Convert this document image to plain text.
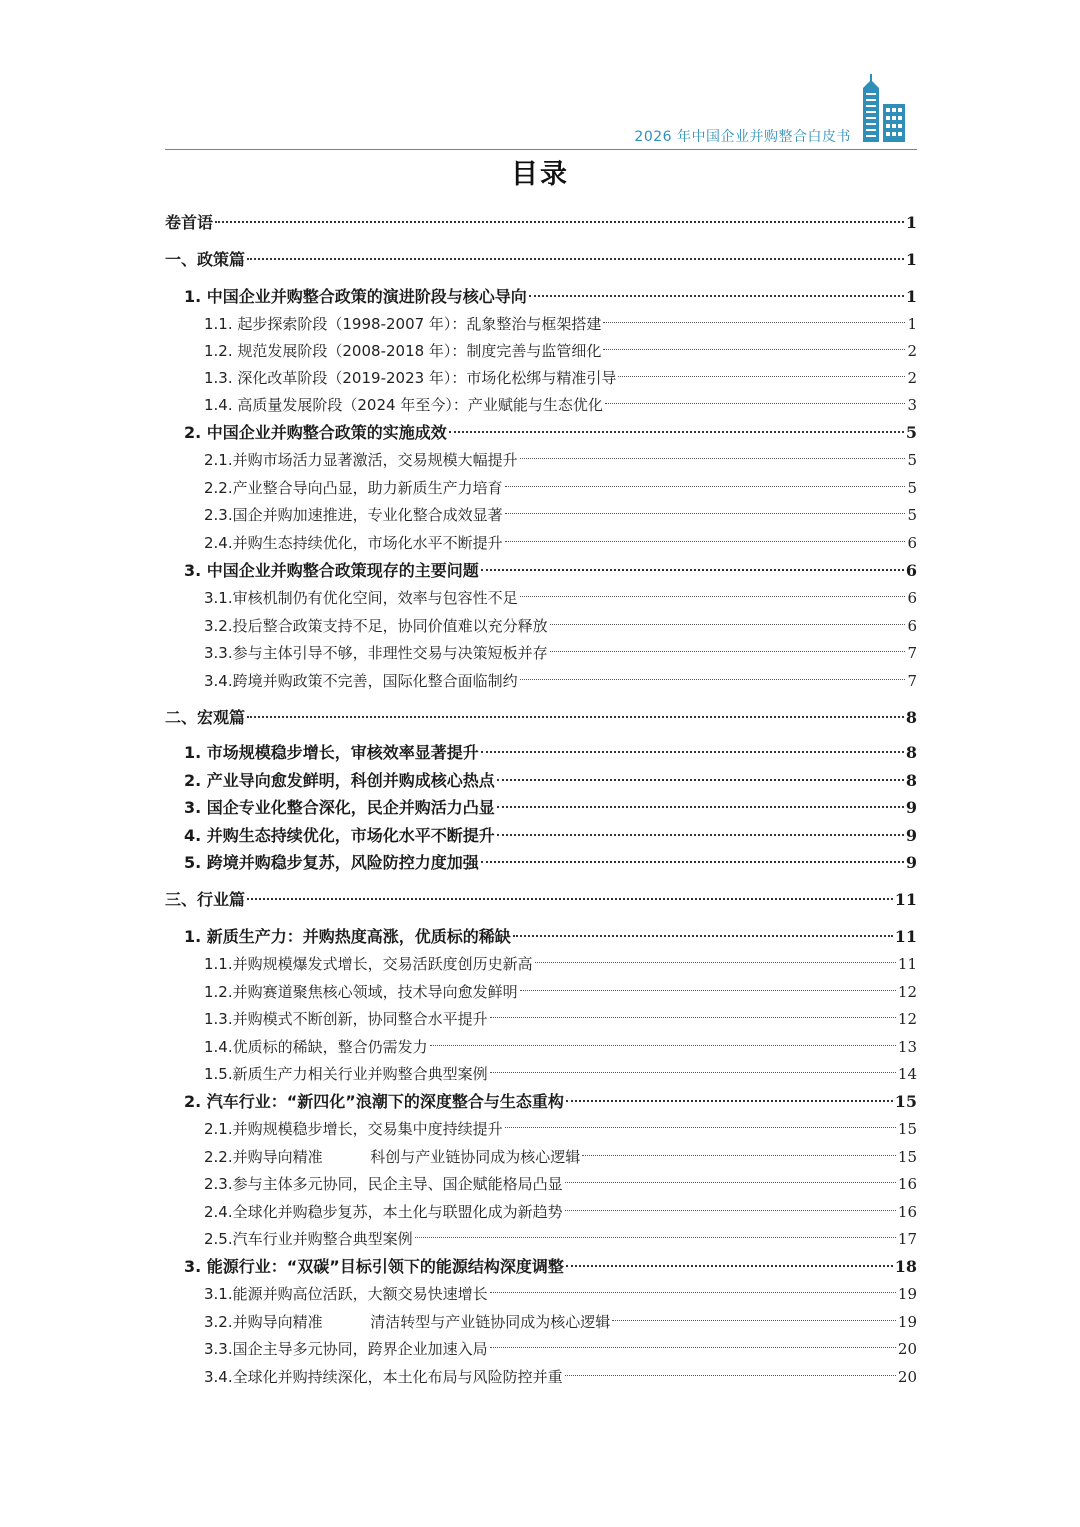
2026 年中国企业并购整合白皮书
目录
卷首语	1
一、政策篇	1
1. 中国企业并购整合政策的演进阶段与核心导向	1
1.1. 起步探索阶段（1998-2007 年）：乱象整治与框架搭建	1
1.2. 规范发展阶段（2008-2018 年）：制度完善与监管细化	2
1.3. 深化改革阶段（2019-2023 年）：市场化松绑与精准引导	2
1.4. 高质量发展阶段（2024 年至今）：产业赋能与生态优化	3
2. 中国企业并购整合政策的实施成效	5
2.1.并购市场活力显著激活，交易规模大幅提升	5
2.2.产业整合导向凸显，助力新质生产力培育	5
2.3.国企并购加速推进，专业化整合成效显著	5
2.4.并购生态持续优化，市场化水平不断提升	6
3. 中国企业并购整合政策现存的主要问题	6
3.1.审核机制仍有优化空间，效率与包容性不足	6
3.2.投后整合政策支持不足，协同价值难以充分释放	6
3.3.参与主体引导不够，非理性交易与决策短板并存	7
3.4.跨境并购政策不完善，国际化整合面临制约	7
二、宏观篇	8
1. 市场规模稳步增长，审核效率显著提升	8
2. 产业导向愈发鲜明，科创并购成核心热点	8
3. 国企专业化整合深化，民企并购活力凸显	9
4. 并购生态持续优化，市场化水平不断提升	9
5. 跨境并购稳步复苏，风险防控力度加强	9
三、行业篇	11
1. 新质生产力：并购热度高涨，优质标的稀缺	11
1.1.并购规模爆发式增长，交易活跃度创历史新高	11
1.2.并购赛道聚焦核心领域，技术导向愈发鲜明	12
1.3.并购模式不断创新，协同整合水平提升	12
1.4.优质标的稀缺，整合仍需发力	13
1.5.新质生产力相关行业并购整合典型案例	14
2. 汽车行业：“新四化”浪潮下的深度整合与生态重构	15
2.1.并购规模稳步增长，交易集中度持续提升	15
2.2.并购导向精准          科创与产业链协同成为核心逻辑	15
2.3.参与主体多元协同，民企主导、国企赋能格局凸显	16
2.4.全球化并购稳步复苏，本土化与联盟化成为新趋势	16
2.5.汽车行业并购整合典型案例	17
3. 能源行业：“双碳”目标引领下的能源结构深度调整	18
3.1.能源并购高位活跃，大额交易快速增长	19
3.2.并购导向精准          清洁转型与产业链协同成为核心逻辑	19
3.3.国企主导多元协同，跨界企业加速入局	20
3.4.全球化并购持续深化，本土化布局与风险防控并重	20
